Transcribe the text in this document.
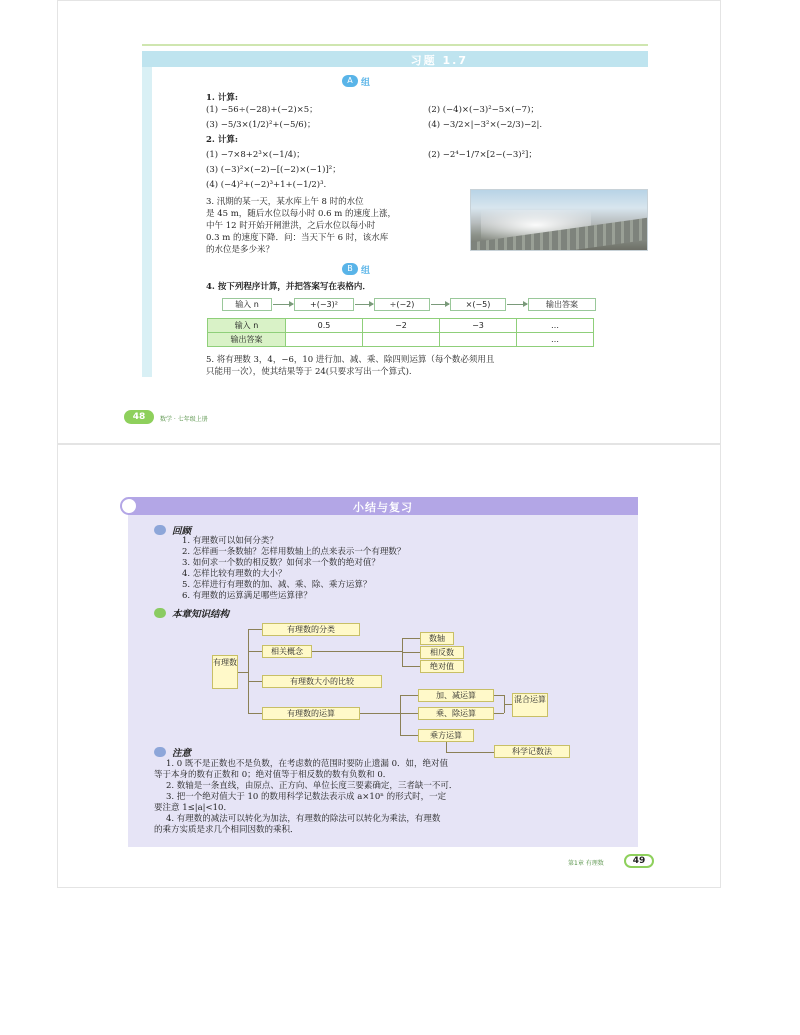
习题 1.7
A 组
1. 计算:
(1) −56÷(−28)+(−2)×5；	(2) (−4)×(−3)²−5×(−7)；
(3) −5/3×(1/2)²+(−5/6)；	(4) −3/2×|−3²×(−2/3)−2|.
2. 计算:
(1) −7×8+2³×(−1/4)；	(2) −2⁴−1/7×[2−(−3)²]；
(3) (−3)²×(−2)−[(−2)×(−1)]²；
(4) (−4)²+(−2)³+1+(−1/2)³.
3. 汛期的某一天，某水库上午 8 时的水位
是 45 m，随后水位以每小时 0.6 m 的速度上涨，
中午 12 时开始开闸泄洪，之后水位以每小时
0.3 m 的速度下降．问：当天下午 6 时，该水库
的水位是多少米？
B 组
4. 按下列程序计算，并把答案写在表格内．
输入 n	+(−3)²	÷(−2)	×(−5)	输出答案
输入 n	0.5	−2	−3	…
输出答案				…
5. 将有理数 3，4，−6，10 进行加、减、乘、除四则运算（每个数必须用且
只能用一次），使其结果等于 24(只要求写出一个算式).
48	数学 · 七年级上册
小结与复习
回顾
1. 有理数可以如何分类？
2. 怎样画一条数轴？怎样用数轴上的点来表示一个有理数？
3. 如何求一个数的相反数？如何求一个数的绝对值？
4. 怎样比较有理数的大小？
5. 怎样进行有理数的加、减、乘、除、乘方运算？
6. 有理数的运算满足哪些运算律？
本章知识结构
有理数
有理数的分类
相关概念
有理数大小的比较
有理数的运算
数轴
相反数
绝对值
加、减运算
乘、除运算
乘方运算
混合运算
科学记数法
注意
1. 0 既不是正数也不是负数，在考虑数的范围时要防止遗漏 0．如，绝对值
等于本身的数有正数和 0；绝对值等于相反数的数有负数和 0．
2. 数轴是一条直线，由原点、正方向、单位长度三要素确定，三者缺一不可．
3. 把一个绝对值大于 10 的数用科学记数法表示成 a×10ⁿ 的形式时，一定
要注意 1≤|a|<10．
4. 有理数的减法可以转化为加法，有理数的除法可以转化为乘法，有理数
的乘方实质是求几个相同因数的乘积．
第1章 有理数	49
